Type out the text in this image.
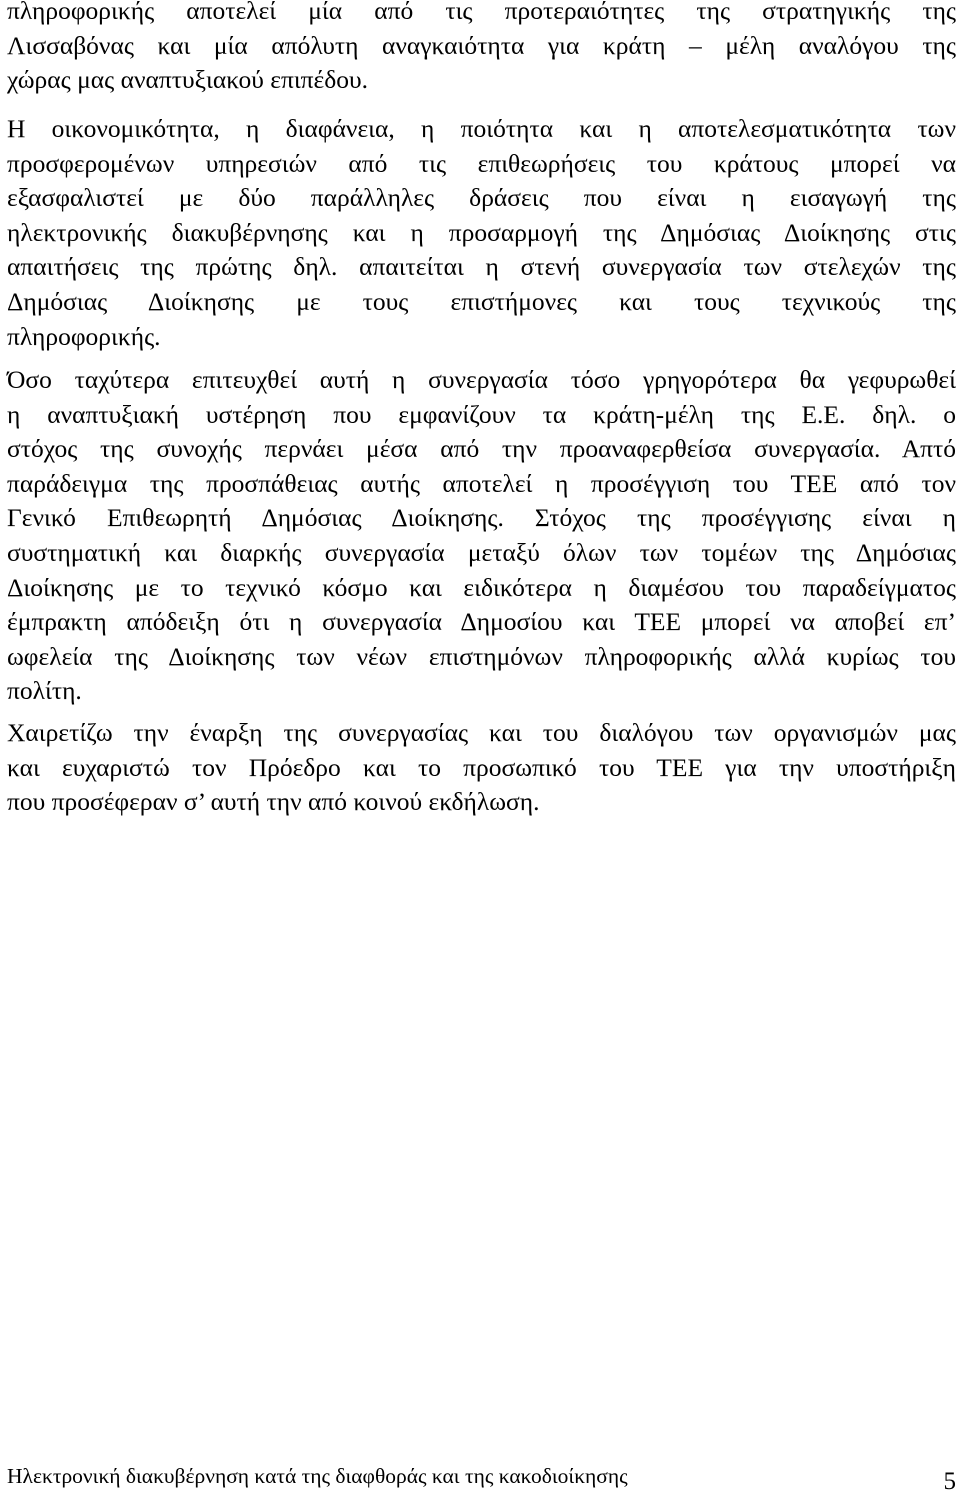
πληροφορικής αποτελεί μία από τις προτεραιότητες της στρατηγικής της
Λισσαβόνας και μία απόλυτη αναγκαιότητα για κράτη – μέλη αναλόγου της
χώρας μας αναπτυξιακού επιπέδου.
Η οικονομικότητα, η διαφάνεια, η ποιότητα και η αποτελεσματικότητα των
προσφερομένων υπηρεσιών από τις επιθεωρήσεις του κράτους μπορεί να
εξασφαλιστεί με δύο παράλληλες δράσεις που είναι η εισαγωγή της
ηλεκτρονικής διακυβέρνησης και η προσαρμογή της Δημόσιας Διοίκησης στις
απαιτήσεις της πρώτης δηλ. απαιτείται η στενή συνεργασία των στελεχών της
Δημόσιας Διοίκησης με τους επιστήμονες και τους τεχνικούς της
πληροφορικής.
Όσο ταχύτερα επιτευχθεί αυτή η συνεργασία τόσο γρηγορότερα θα γεφυρωθεί
η αναπτυξιακή υστέρηση που εμφανίζουν τα κράτη-μέλη της Ε.Ε. δηλ. ο
στόχος της συνοχής περνάει μέσα από την προαναφερθείσα συνεργασία. Απτό
παράδειγμα της προσπάθειας αυτής αποτελεί η προσέγγιση του ΤΕΕ από τον
Γενικό Επιθεωρητή Δημόσιας Διοίκησης. Στόχος της προσέγγισης είναι η
συστηματική και διαρκής συνεργασία μεταξύ όλων των τομέων της Δημόσιας
Διοίκησης με το τεχνικό κόσμο και ειδικότερα η διαμέσου του παραδείγματος
έμπρακτη απόδειξη ότι η συνεργασία Δημοσίου και ΤΕΕ μπορεί να αποβεί επ’
ωφελεία της Διοίκησης των νέων επιστημόνων πληροφορικής αλλά κυρίως του
πολίτη.
Χαιρετίζω την έναρξη της συνεργασίας και του διαλόγου των οργανισμών μας
και ευχαριστώ τον Πρόεδρο και το προσωπικό του ΤΕΕ για την υποστήριξη
που προσέφεραν σ’ αυτή την από κοινού εκδήλωση.
Ηλεκτρονική διακυβέρνηση κατά της διαφθοράς και της κακοδιοίκησης	5
